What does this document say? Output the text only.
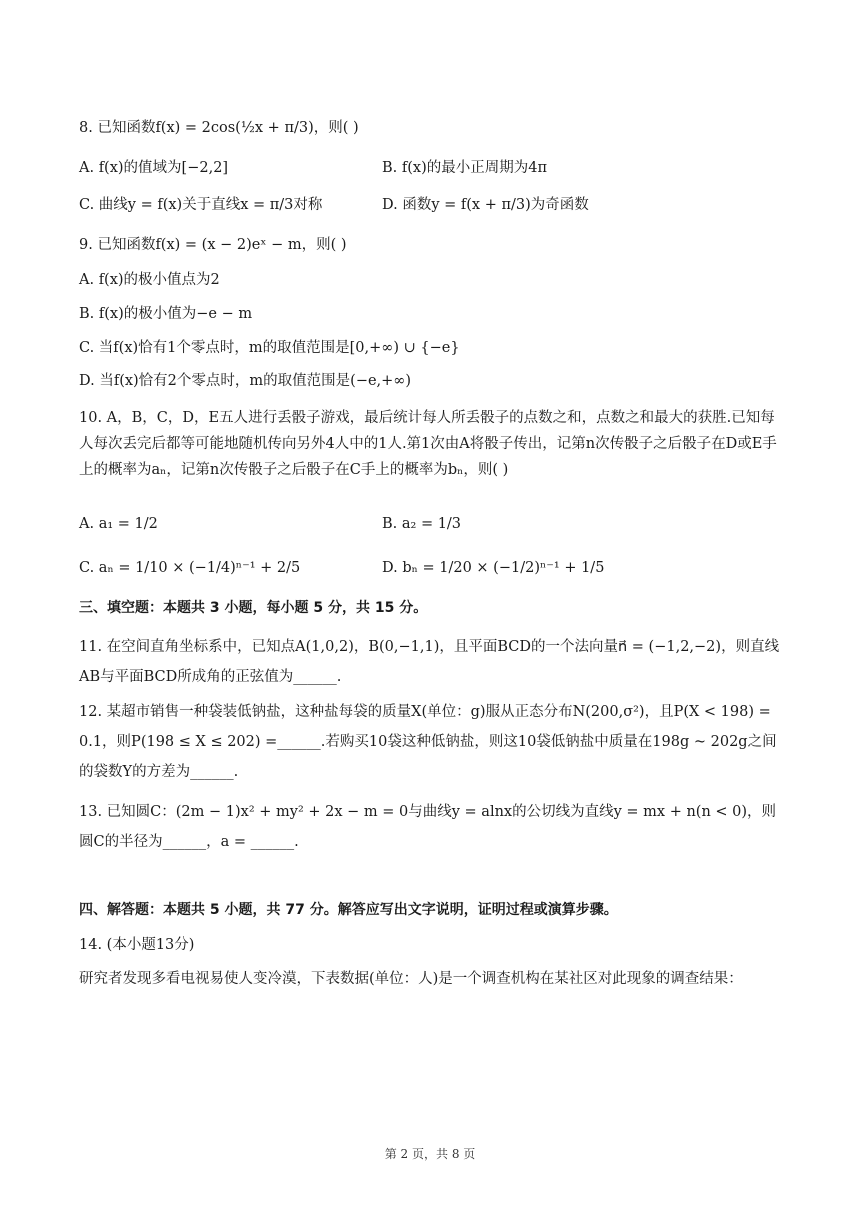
8. 已知函数f(x) = 2cos(½x + π/3)，则( )
A. f(x)的值域为[−2,2]	B. f(x)的最小正周期为4π
C. 曲线y = f(x)关于直线x = π/3对称	D. 函数y = f(x + π/3)为奇函数
9. 已知函数f(x) = (x − 2)eˣ − m，则( )
A. f(x)的极小值点为2
B. f(x)的极小值为−e − m
C. 当f(x)恰有1个零点时，m的取值范围是[0,+∞) ∪ {−e}
D. 当f(x)恰有2个零点时，m的取值范围是(−e,+∞)
10. A，B，C，D，E五人进行丢骰子游戏，最后统计每人所丢骰子的点数之和，点数之和最大的获胜.已知每人每次丢完后都等可能地随机传向另外4人中的1人.第1次由A将骰子传出，记第n次传骰子之后骰子在D或E手上的概率为aₙ，记第n次传骰子之后骰子在C手上的概率为bₙ，则( )
A. a₁ = 1/2	B. a₂ = 1/3
C. aₙ = 1/10 × (−1/4)ⁿ⁻¹ + 2/5	D. bₙ = 1/20 × (−1/2)ⁿ⁻¹ + 1/5
三、填空题：本题共 3 小题，每小题 5 分，共 15 分。
11. 在空间直角坐标系中，已知点A(1,0,2)，B(0,−1,1)，且平面BCD的一个法向量n⃗ = (−1,2,−2)，则直线AB与平面BCD所成角的正弦值为______.
12. 某超市销售一种袋装低钠盐，这种盐每袋的质量X(单位：g)服从正态分布N(200,σ²)，且P(X < 198) = 0.1，则P(198 ≤ X ≤ 202) =______.若购买10袋这种低钠盐，则这10袋低钠盐中质量在198g ~ 202g之间的袋数Y的方差为______.
13. 已知圆C：(2m − 1)x² + my² + 2x − m = 0与曲线y = alnx的公切线为直线y = mx + n(n < 0)，则圆C的半径为______，a = ______.
四、解答题：本题共 5 小题，共 77 分。解答应写出文字说明，证明过程或演算步骤。
14. (本小题13分)
研究者发现多看电视易使人变冷漠，下表数据(单位：人)是一个调查机构在某社区对此现象的调查结果：
第 2 页，共 8 页
